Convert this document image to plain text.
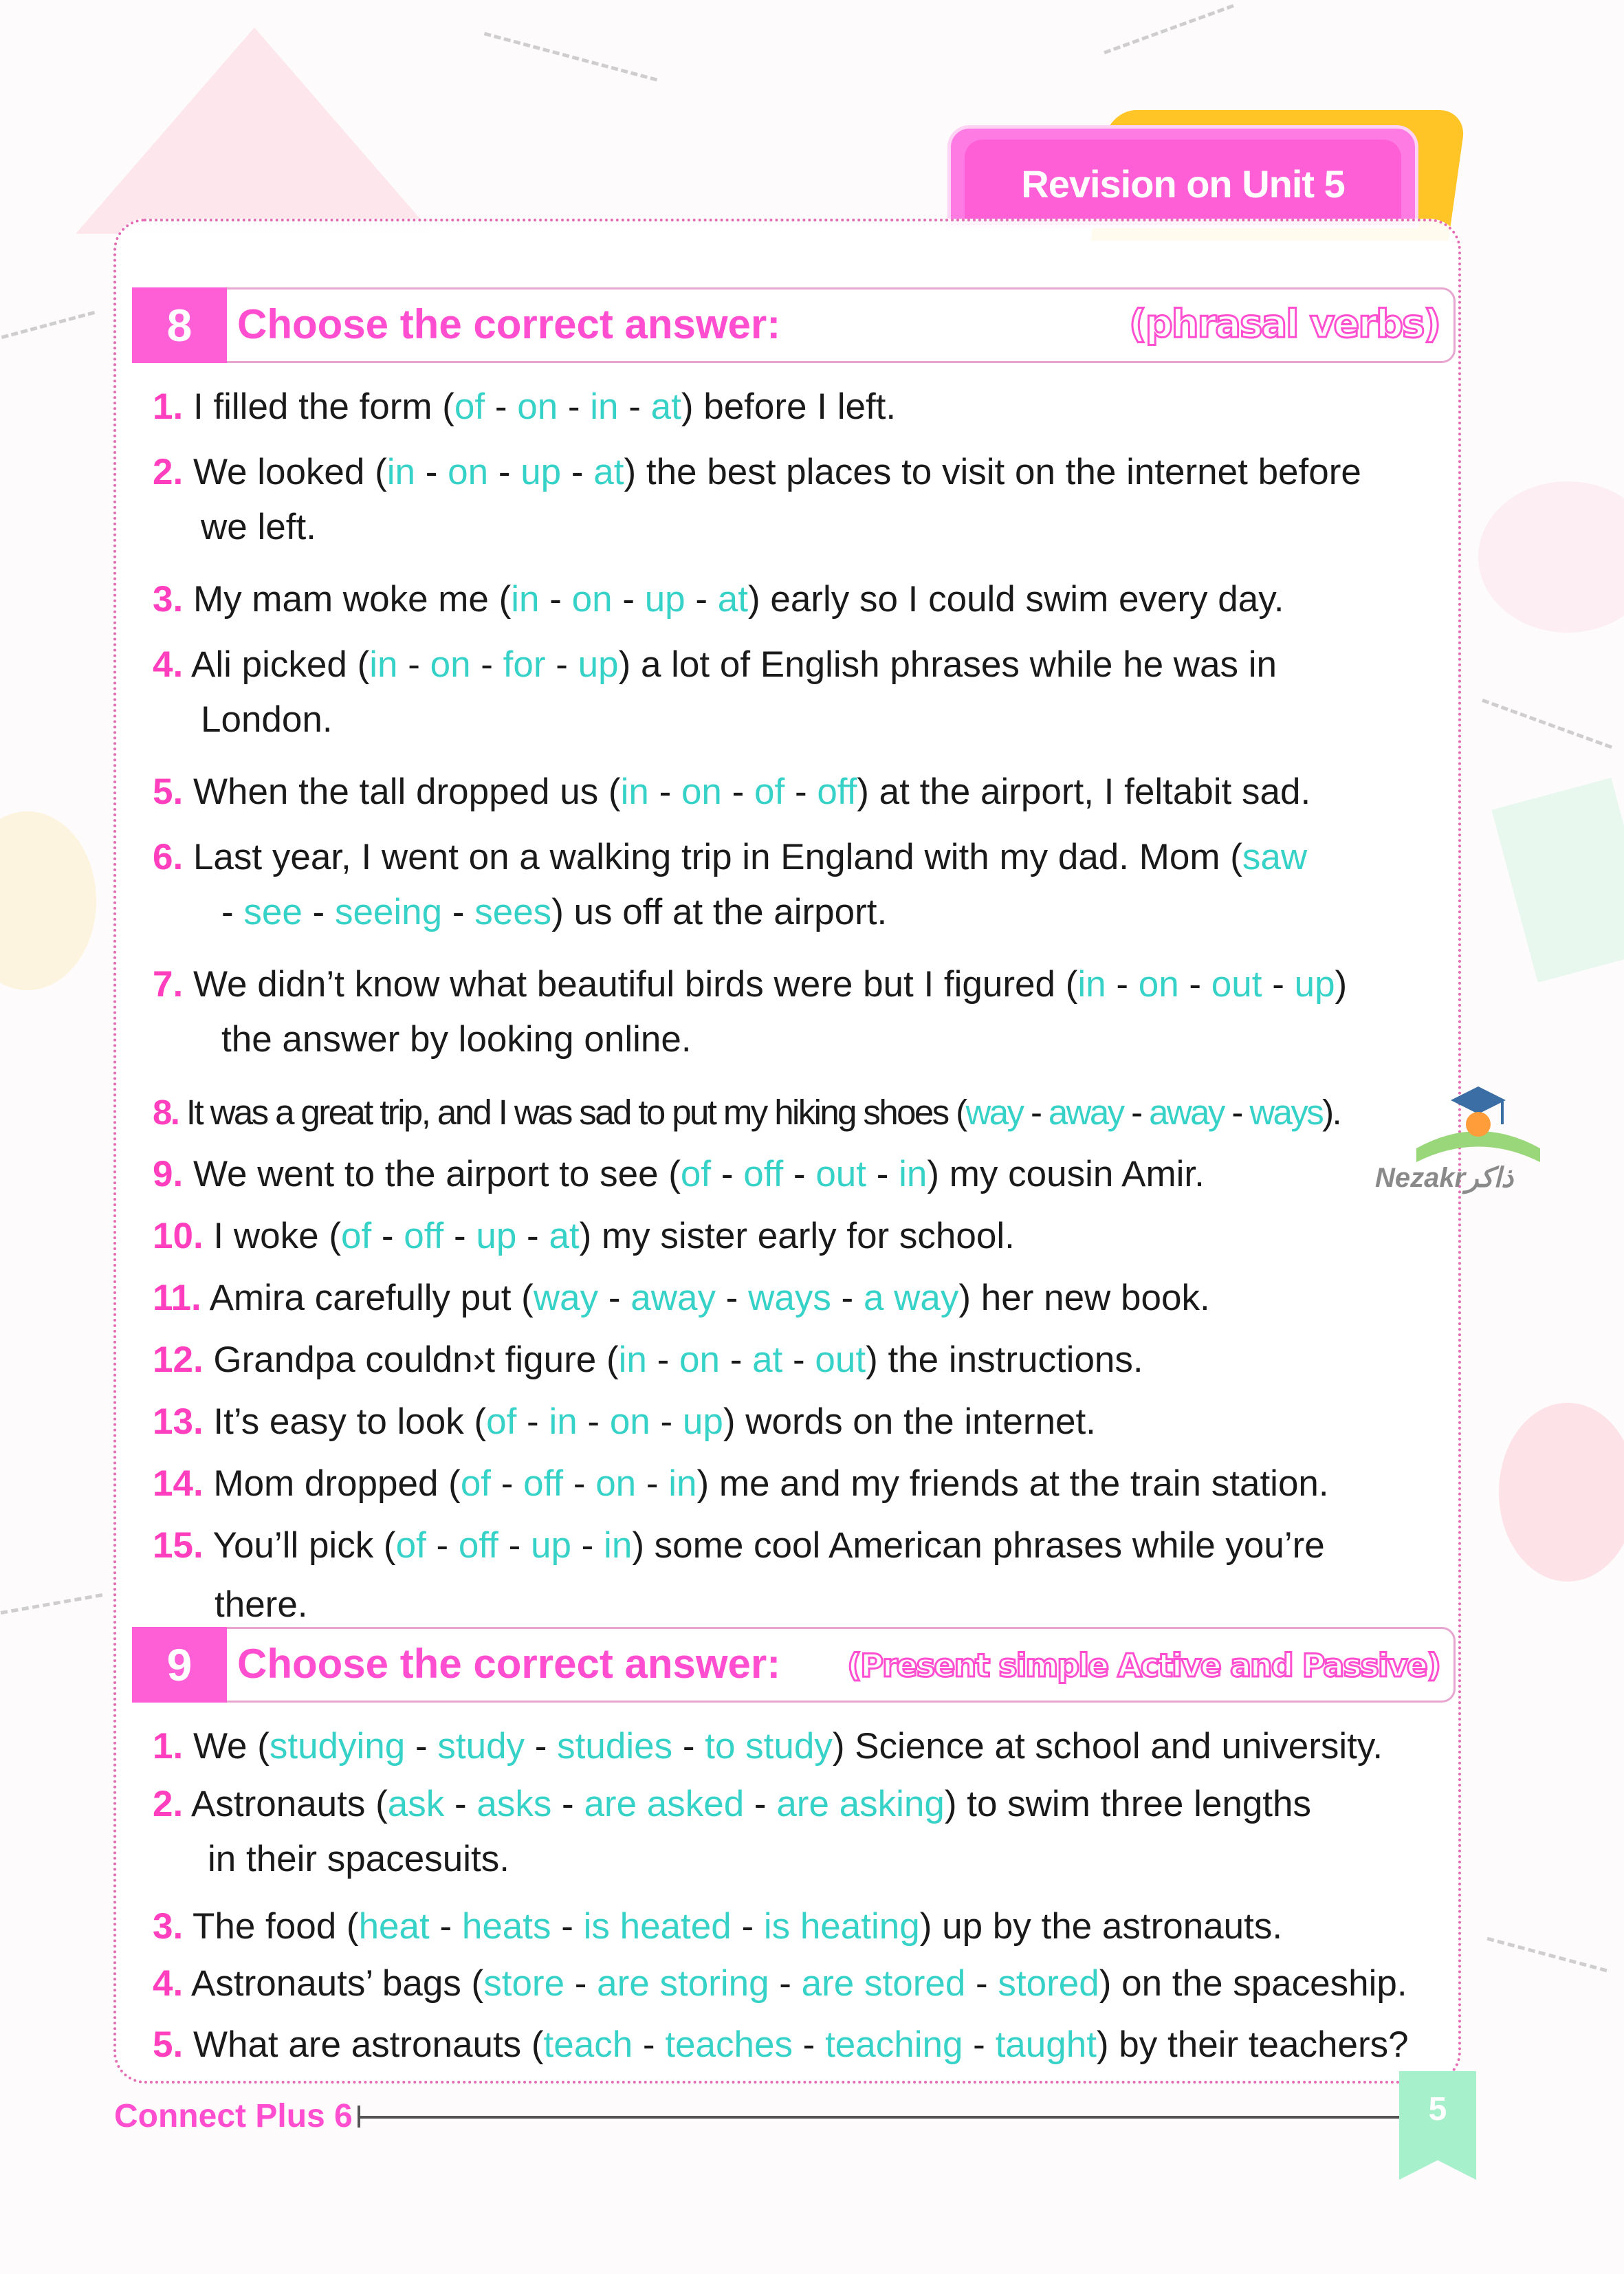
Revision on Unit 5
8	Choose the correct answer:	(phrasal verbs)
1. I filled the form (of - on - in - at) before I left.
2. We looked (in - on - up - at) the best places to visit on the internet before
we left.
3. My mam woke me (in - on - up - at) early so I could swim every day.
4. Ali picked (in - on - for - up) a lot of English phrases while he was in
London.
5. When the tall dropped us (in - on - of - off) at the airport, I feltabit sad.
6. Last year, I went on a walking trip in England with my dad. Mom (saw
- see - seeing - sees) us off at the airport.
7. We didn’t know what beautiful birds were but I figured (in - on - out - up)
the answer by looking online.
8. It was a great trip, and I was sad to put my hiking shoes (way - away - away - ways).
9. We went to the airport to see (of - off - out - in) my cousin Amir.
10. I woke (of - off - up - at) my sister early for school.
11. Amira carefully put (way - away - ways - a way) her new book.
12. Grandpa couldn›t figure (in - on - at - out) the instructions.
13. It’s easy to look (of - in - on - up) words on the internet.
14. Mom dropped (of - off - on - in) me and my friends at the train station.
15. You’ll pick (of - off - up - in) some cool American phrases while you’re
there.
9	Choose the correct answer: (Present simple Active and Passive)
1. We (studying - study - studies - to study) Science at school and university.
2. Astronauts (ask - asks - are asked - are asking) to swim three lengths
in their spacesuits.
3. The food (heat - heats - is heated - is heating) up by the astronauts.
4. Astronauts’ bags (store - are storing - are stored - stored) on the spaceship.
5. What are astronauts (teach - teaches - teaching - taught) by their teachers?
Nezakrذاكر
Connect Plus 6	5
